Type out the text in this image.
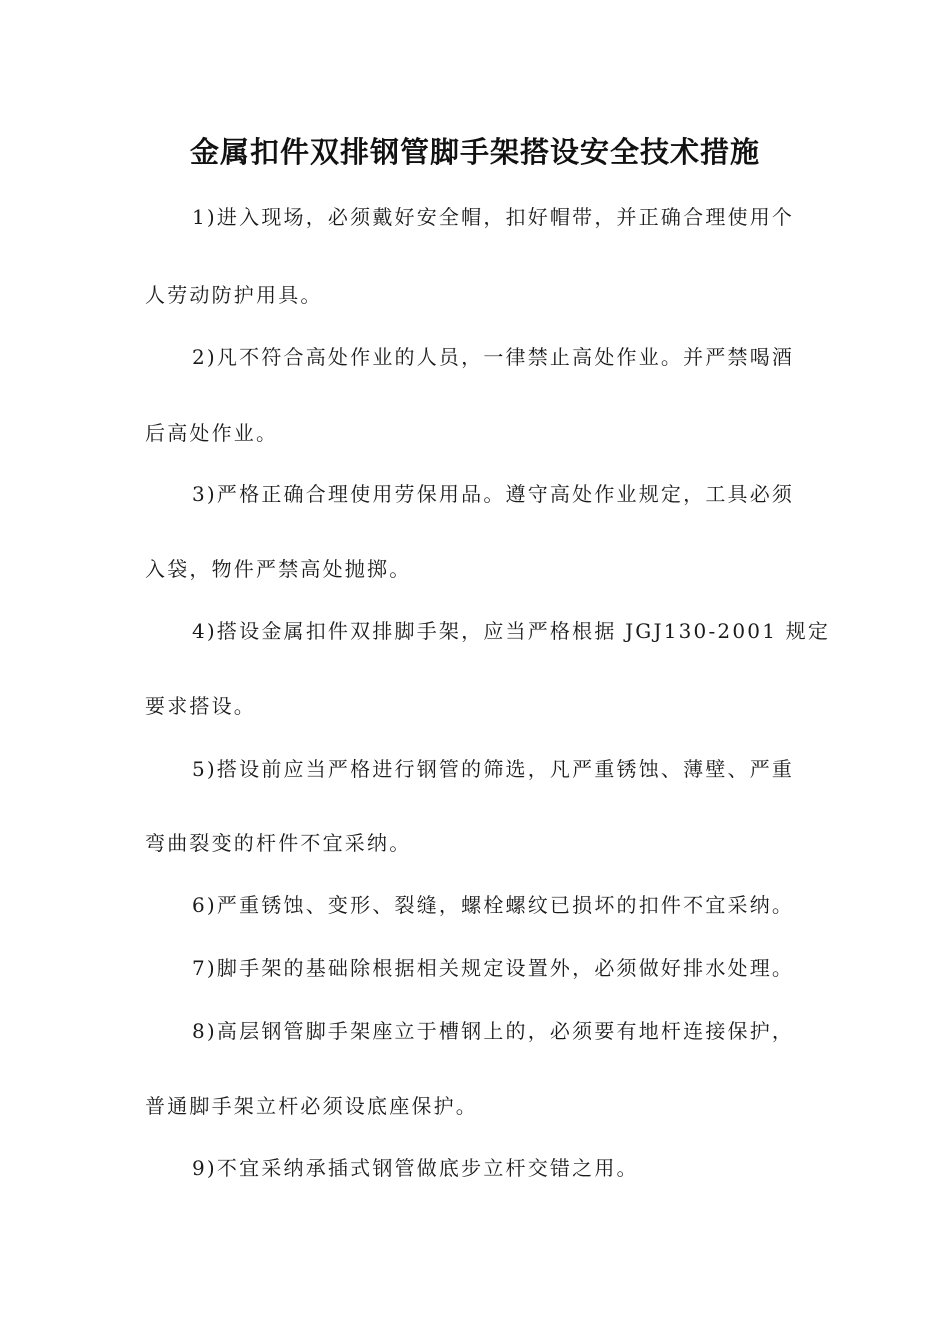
金属扣件双排钢管脚手架搭设安全技术措施
1)进入现场，必须戴好安全帽，扣好帽带，并正确合理使用个
人劳动防护用具。
2)凡不符合高处作业的人员，一律禁止高处作业。并严禁喝酒
后高处作业。
3)严格正确合理使用劳保用品。遵守高处作业规定，工具必须
入袋，物件严禁高处抛掷。
4)搭设金属扣件双排脚手架，应当严格根据 JGJ130-2001 规定
要求搭设。
5)搭设前应当严格进行钢管的筛选，凡严重锈蚀、薄壁、严重
弯曲裂变的杆件不宜采纳。
6)严重锈蚀、变形、裂缝，螺栓螺纹已损坏的扣件不宜采纳。
7)脚手架的基础除根据相关规定设置外，必须做好排水处理。
8)高层钢管脚手架座立于槽钢上的，必须要有地杆连接保护，
普通脚手架立杆必须设底座保护。
9)不宜采纳承插式钢管做底步立杆交错之用。
